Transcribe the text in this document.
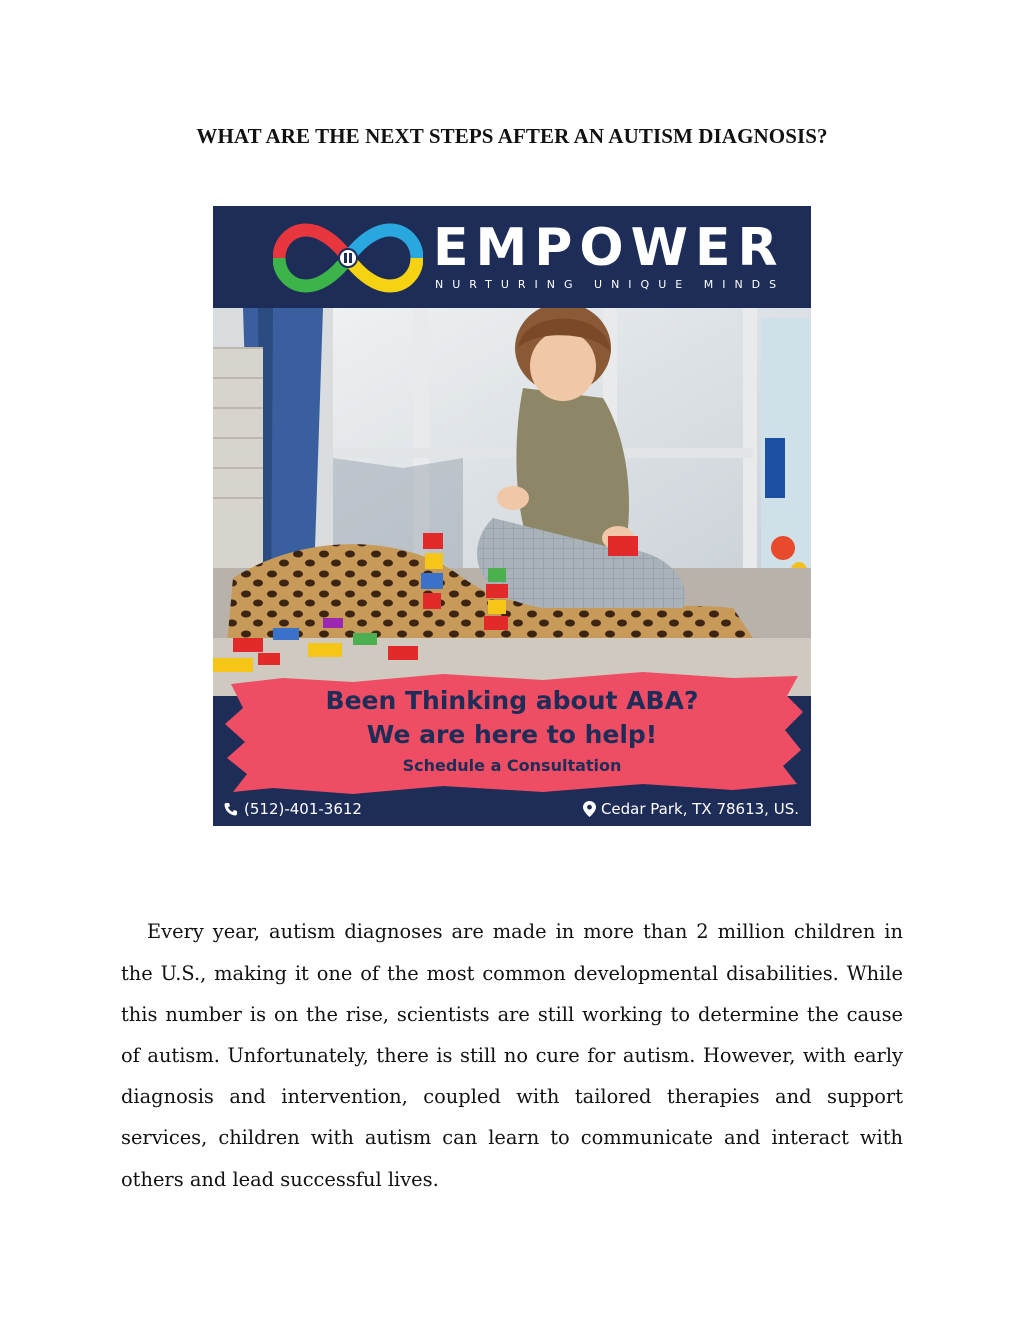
WHAT ARE THE NEXT STEPS AFTER AN AUTISM DIAGNOSIS?
EMPOWER
NURTURING UNIQUE MINDS
Been Thinking about ABA?
We are here to help!
Schedule a Consultation
(512)-401-3612	Cedar Park, TX 78613, US.

Every year, autism diagnoses are made in more than 2 million children in the U.S., making it one of the most common developmental disabilities. While this number is on the rise, scientists are still working to determine the cause of autism. Unfortunately, there is still no cure for autism. However, with early diagnosis and intervention, coupled with tailored therapies and support services, children with autism can learn to communicate and interact with others and lead successful lives.
